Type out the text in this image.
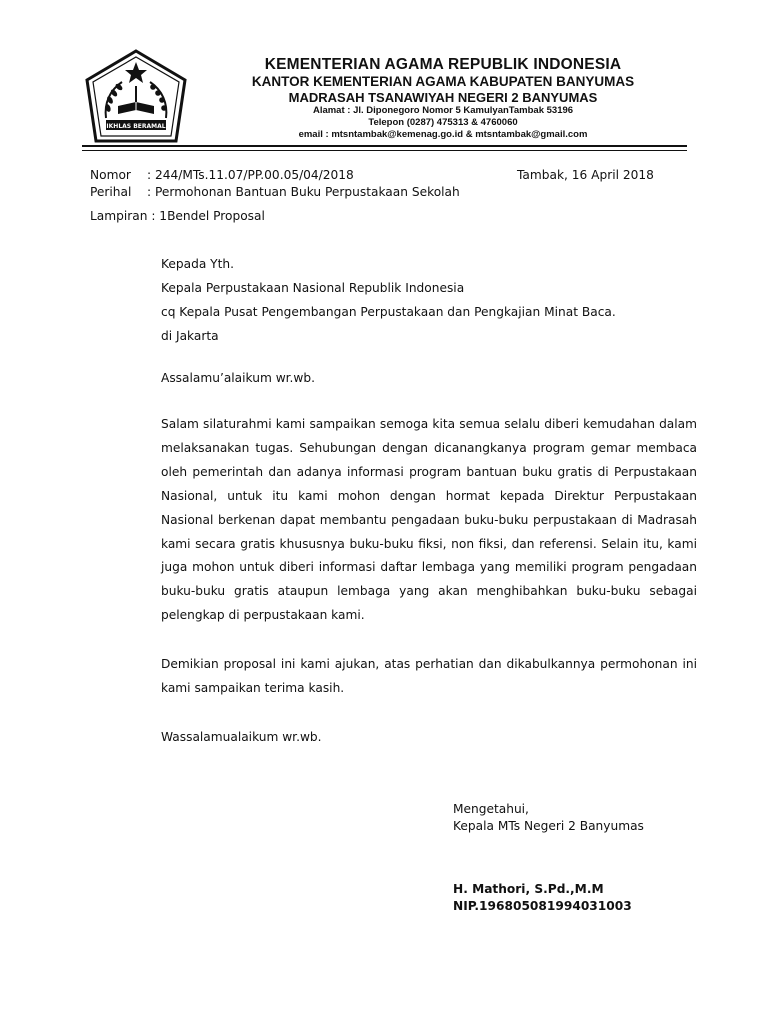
IKHLAS BERAMAL
KEMENTERIAN AGAMA REPUBLIK INDONESIA
KANTOR KEMENTERIAN AGAMA KABUPATEN BANYUMAS
MADRASAH TSANAWIYAH NEGERI 2 BANYUMAS
Alamat : Jl. Diponegoro Nomor 5 KamulyanTambak 53196
Telepon (0287) 475313 & 4760060
email : mtsntambak@kemenag.go.id & mtsntambak@gmail.com
Nomor : 244/MTs.11.07/PP.00.05/04/2018	Tambak, 16 April 2018
Perihal : Permohonan Bantuan Buku Perpustakaan Sekolah
Lampiran : 1Bendel Proposal
Kepada Yth.
Kepala Perpustakaan Nasional Republik Indonesia
cq Kepala Pusat Pengembangan Perpustakaan dan Pengkajian Minat Baca.
di Jakarta
Assalamu’alaikum wr.wb.
Salam silaturahmi kami sampaikan semoga kita semua selalu diberi kemudahan dalam
melaksanakan tugas. Sehubungan dengan dicanangkanya program gemar membaca
oleh pemerintah dan adanya informasi program bantuan buku gratis di Perpustakaan
Nasional, untuk itu kami mohon dengan hormat kepada Direktur Perpustakaan
Nasional berkenan dapat membantu pengadaan buku-buku perpustakaan di Madrasah
kami secara gratis khususnya buku-buku fiksi, non fiksi, dan referensi. Selain itu, kami
juga mohon untuk diberi informasi daftar lembaga yang memiliki program pengadaan
buku-buku gratis ataupun lembaga yang akan menghibahkan buku-buku sebagai
pelengkap di perpustakaan kami.
Demikian proposal ini kami ajukan, atas perhatian dan dikabulkannya permohonan ini
kami sampaikan terima kasih.
Wassalamualaikum wr.wb.
Mengetahui,
Kepala MTs Negeri 2 Banyumas
H. Mathori, S.Pd.,M.M
NIP.196805081994031003
